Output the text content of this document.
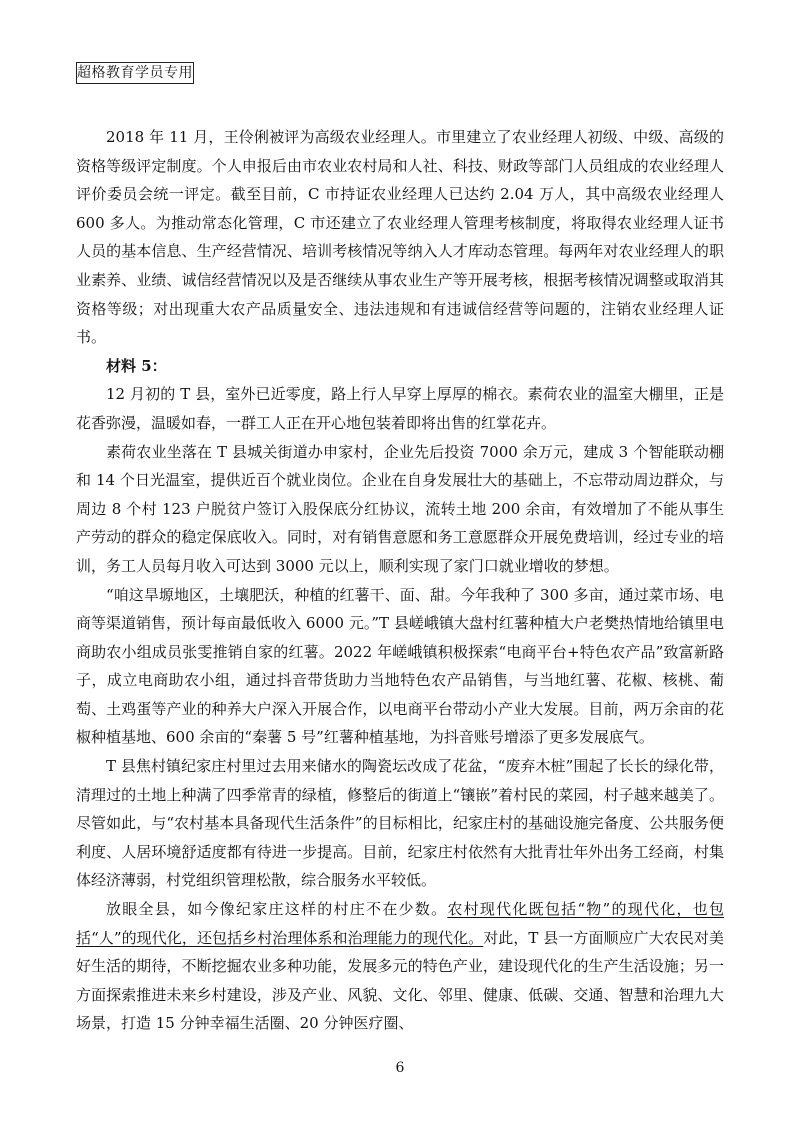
超格教育学员专用

2018 年 11 月，王伶俐被评为高级农业经理人。市里建立了农业经理人初级、中级、高级的资格等级评定制度。个人申报后由市农业农村局和人社、科技、财政等部门人员组成的农业经理人评价委员会统一评定。截至目前，C 市持证农业经理人已达约 2.04 万人，其中高级农业经理人 600 多人。为推动常态化管理，C 市还建立了农业经理人管理考核制度，将取得农业经理人证书人员的基本信息、生产经营情况、培训考核情况等纳入人才库动态管理。每两年对农业经理人的职业素养、业绩、诚信经营情况以及是否继续从事农业生产等开展考核，根据考核情况调整或取消其资格等级；对出现重大农产品质量安全、违法违规和有违诚信经营等问题的，注销农业经理人证书。

材料 5：

12 月初的 T 县，室外已近零度，路上行人早穿上厚厚的棉衣。素荷农业的温室大棚里，正是花香弥漫，温暖如春，一群工人正在开心地包装着即将出售的红掌花卉。

素荷农业坐落在 T 县城关街道办申家村，企业先后投资 7000 余万元，建成 3 个智能联动棚和 14 个日光温室，提供近百个就业岗位。企业在自身发展壮大的基础上，不忘带动周边群众，与周边 8 个村 123 户脱贫户签订入股保底分红协议，流转土地 200 余亩，有效增加了不能从事生产劳动的群众的稳定保底收入。同时，对有销售意愿和务工意愿群众开展免费培训，经过专业的培训，务工人员每月收入可达到 3000 元以上，顺利实现了家门口就业增收的梦想。

“咱这旱塬地区，土壤肥沃，种植的红薯干、面、甜。今年我种了 300 多亩，通过菜市场、电商等渠道销售，预计每亩最低收入 6000 元。”T 县嵯峨镇大盘村红薯种植大户老樊热情地给镇里电商助农小组成员张雯推销自家的红薯。2022 年嵯峨镇积极探索“电商平台+特色农产品”致富新路子，成立电商助农小组，通过抖音带货助力当地特色农产品销售，与当地红薯、花椒、核桃、葡萄、土鸡蛋等产业的种养大户深入开展合作，以电商平台带动小产业大发展。目前，两万余亩的花椒种植基地、600 余亩的“秦薯 5 号”红薯种植基地，为抖音账号增添了更多发展底气。

T 县焦村镇纪家庄村里过去用来储水的陶瓷坛改成了花盆，“废弃木桩”围起了长长的绿化带，清理过的土地上种满了四季常青的绿植，修整后的街道上“镶嵌”着村民的菜园，村子越来越美了。尽管如此，与“农村基本具备现代生活条件”的目标相比，纪家庄村的基础设施完备度、公共服务便利度、人居环境舒适度都有待进一步提高。目前，纪家庄村依然有大批青壮年外出务工经商，村集体经济薄弱，村党组织管理松散，综合服务水平较低。

放眼全县，如今像纪家庄这样的村庄不在少数。农村现代化既包括“物”的现代化，也包括“人”的现代化，还包括乡村治理体系和治理能力的现代化。对此，T 县一方面顺应广大农民对美好生活的期待，不断挖掘农业多种功能，发展多元的特色产业，建设现代化的生产生活设施；另一方面探索推进未来乡村建设，涉及产业、风貌、文化、邻里、健康、低碳、交通、智慧和治理九大场景，打造 15 分钟幸福生活圈、20 分钟医疗圈、

6
